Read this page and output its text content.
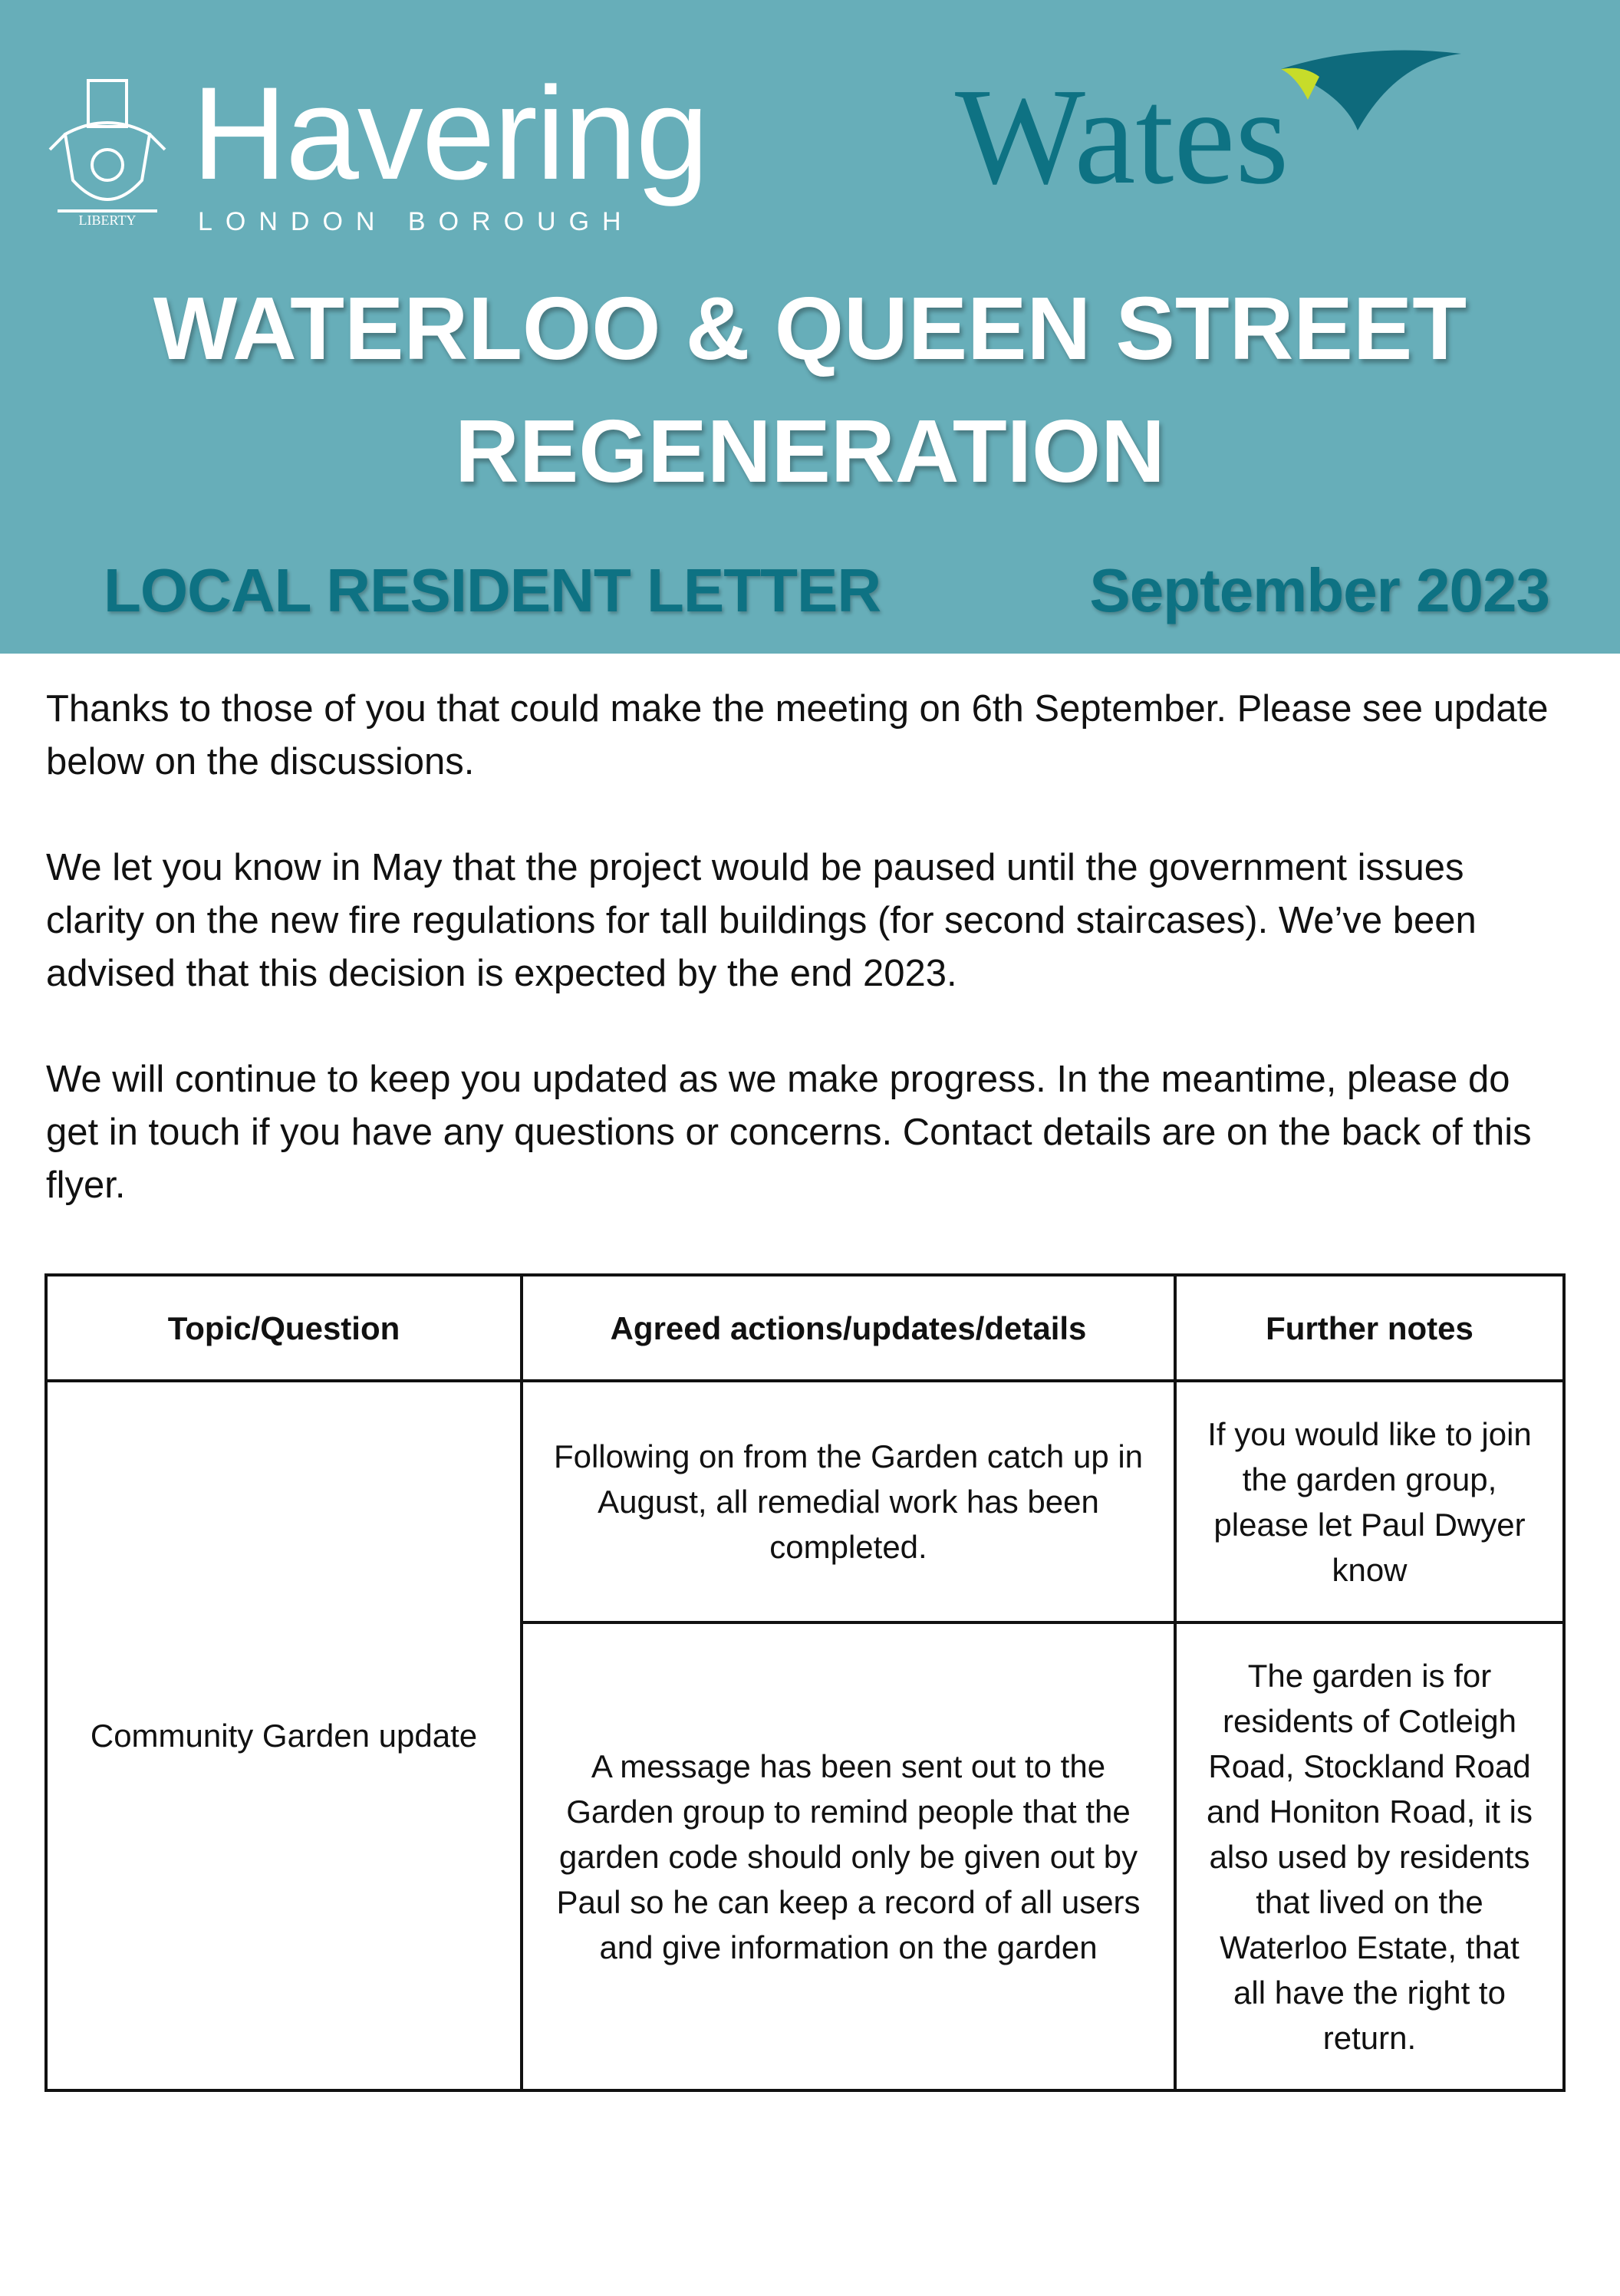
LIBERTY
Havering
LONDON BOROUGH
Wates
WATERLOO & QUEEN STREET
REGENERATION
LOCAL RESIDENT LETTER	September 2023

Thanks to those of you that could make the meeting on 6th September. Please see update below on the discussions.

We let you know in May that the project would be paused until the government issues clarity on the new fire regulations for tall buildings (for second staircases). We’ve been advised that this decision is expected by the end 2023.

We will continue to keep you updated as we make progress. In the meantime, please do get in touch if you have any questions or concerns. Contact details are on the back of this flyer.

Topic/Question	Agreed actions/updates/details	Further notes
Community Garden update	Following on from the Garden catch up in August, all remedial work has been completed.	If you would like to join the garden group, please let Paul Dwyer know
	A message has been sent out to the Garden group to remind people that the garden code should only be given out by Paul so he can keep a record of all users and give information on the garden	The garden is for residents of Cotleigh Road, Stockland Road and Honiton Road, it is also used by residents that lived on the Waterloo Estate, that all have the right to return.
